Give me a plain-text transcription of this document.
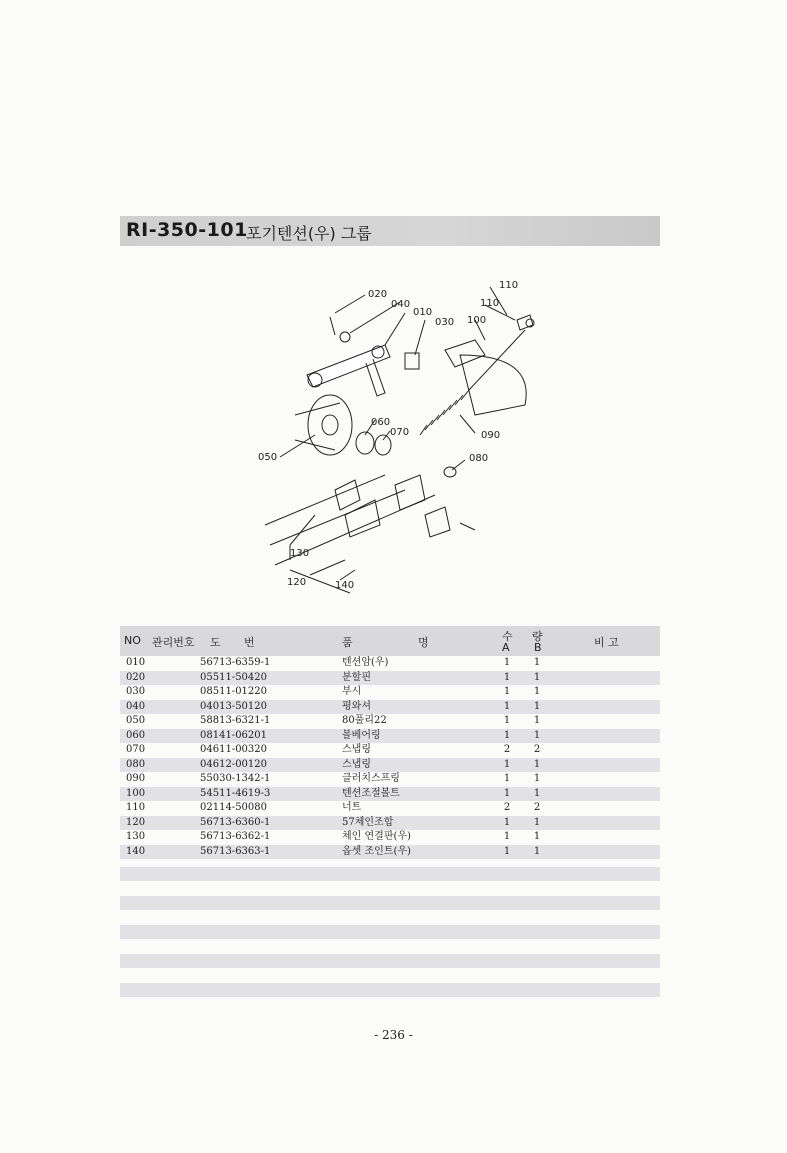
RI-350-101
포기텐션(우) 그룹
020
040
010
030 100
110
110
050
060
070
080
090
130
120	140
NO 관리번호 도 번	품	명	수 량
A B	비 고
010	56713-6359-1	텐션암(우)	1 1
020	05511-50420	분할핀	1 1
030	08511-01220	부시	1 1
040	04013-50120	평와셔	1 1
050	58813-6321-1	80풀리22	1 1
060	08141-06201	볼베어링	1 1
070	04611-00320	스냅링	2 2
080	04612-00120	스냅링	1 1
090	55030-1342-1	클러치스프링	1 1
100	54511-4619-3	텐션조절볼트	1 1
110	02114-50080	너트	2 2
120	56713-6360-1	57체인조합	1 1
130	56713-6362-1	체인 연결판(우)	1 1
140	56713-6363-1	옵셋 조인트(우)	1 1
- 236 -
